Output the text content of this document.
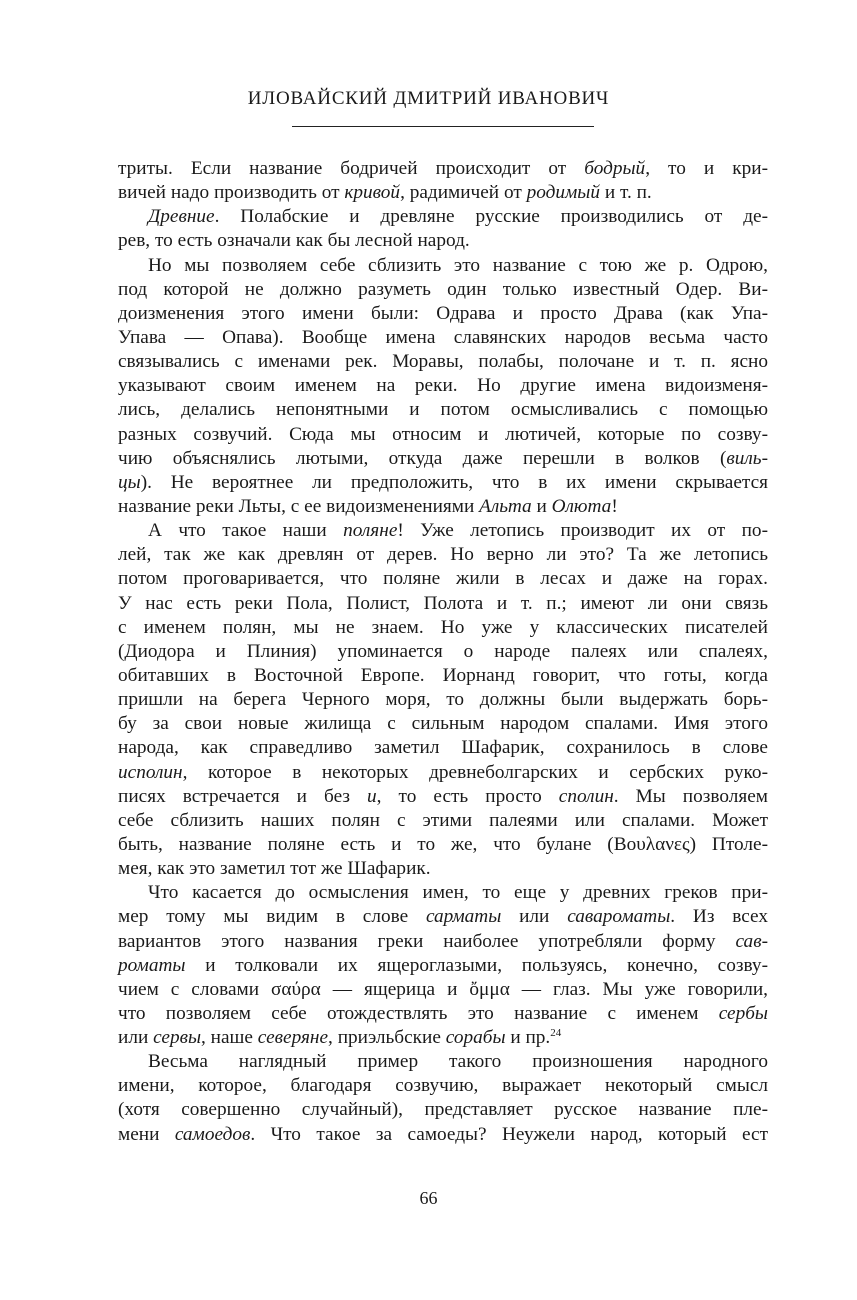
ИЛОВАЙСКИЙ ДМИТРИЙ ИВАНОВИЧ
триты. Если название бодричей происходит от бодрый, то и кри-
вичей надо производить от кривой, радимичей от родимый и т. п.
Древние. Полабские и древляне русские производились от де-
рев, то есть означали как бы лесной народ.
Но мы позволяем себе сблизить это название с тою же р. Одрою,
под которой не должно разуметь один только известный Одер. Ви-
доизменения этого имени были: Одрава и просто Драва (как Упа-
Упава — Опава). Вообще имена славянских народов весьма часто
связывались с именами рек. Моравы, полабы, полочане и т. п. ясно
указывают своим именем на реки. Но другие имена видоизменя-
лись, делались непонятными и потом осмысливались с помощью
разных созвучий. Сюда мы относим и лютичей, которые по созву-
чию объяснялись лютыми, откуда даже перешли в волков (виль-
цы). Не вероятнее ли предположить, что в их имени скрывается
название реки Льты, с ее видоизменениями Альта и Олюта!
А что такое наши поляне! Уже летопись производит их от по-
лей, так же как древлян от дерев. Но верно ли это? Та же летопись
потом проговаривается, что поляне жили в лесах и даже на горах.
У нас есть реки Пола, Полист, Полота и т. п.; имеют ли они связь
с именем полян, мы не знаем. Но уже у классических писателей
(Диодора и Плиния) упоминается о народе палеях или спалеях,
обитавших в Восточной Европе. Иорнанд говорит, что готы, когда
пришли на берега Черного моря, то должны были выдержать борь-
бу за свои новые жилища с сильным народом спалами. Имя этого
народа, как справедливо заметил Шафарик, сохранилось в слове
исполин, которое в некоторых древнеболгарских и сербских руко-
писях встречается и без и, то есть просто сполин. Мы позволяем
себе сблизить наших полян с этими палеями или спалами. Может
быть, название поляне есть и то же, что булане (Βουλανες) Птоле-
мея, как это заметил тот же Шафарик.
Что касается до осмысления имен, то еще у древних греков при-
мер тому мы видим в слове сарматы или савароматы. Из всех
вариантов этого названия греки наиболее употребляли форму сав-
роматы и толковали их ящероглазыми, пользуясь, конечно, созву-
чием с словами σαύρα — ящерица и ὄμμα — глаз. Мы уже говорили,
что позволяем себе отождествлять это название с именем сербы
или сервы, наше северяне, приэльбские сорабы и пр.$^{24}$
Весьма наглядный пример такого произношения народного
имени, которое, благодаря созвучию, выражает некоторый смысл
(хотя совершенно случайный), представляет русское название пле-
мени самоедов. Что такое за самоеды? Неужели народ, который ест
66
